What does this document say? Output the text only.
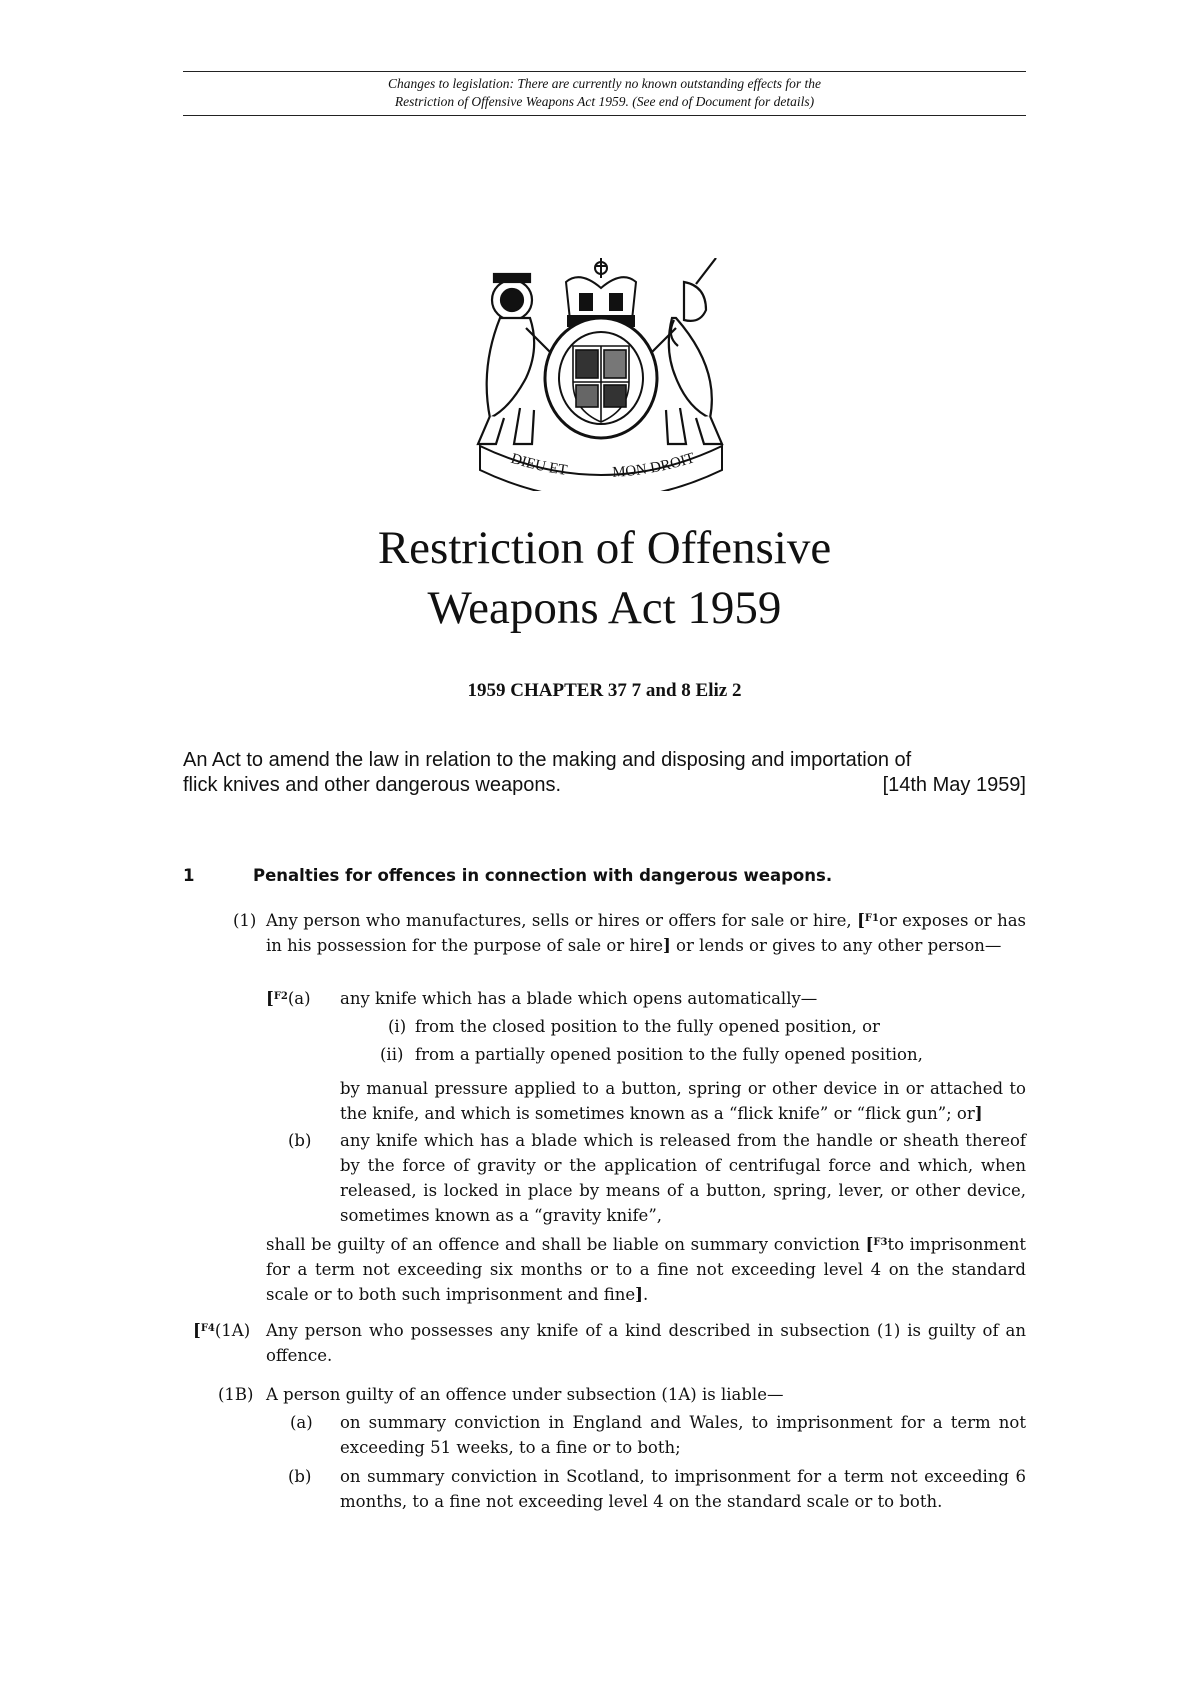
Changes to legislation: There are currently no known outstanding effects for the
Restriction of Offensive Weapons Act 1959. (See end of Document for details)
DIEU ET	MON DROIT
Restriction of Offensive
Weapons Act 1959
1959 CHAPTER 37 7 and 8 Eliz 2
An Act to amend the law in relation to the making and disposing and importation of
flick knives and other dangerous weapons.	[14th May 1959]
1	Penalties for offences in connection with dangerous weapons.
(1) Any person who manufactures, sells or hires or offers for sale or hire, [$^{F1}$or exposes or has in his possession for the purpose of sale or hire] or lends or gives to any other person—
[$^{F2}$(a) any knife which has a blade which opens automatically—
(i) from the closed position to the fully opened position, or
(ii) from a partially opened position to the fully opened position,
by manual pressure applied to a button, spring or other device in or attached to the knife, and which is sometimes known as a “flick knife” or “flick gun”; or]
(b) any knife which has a blade which is released from the handle or sheath thereof by the force of gravity or the application of centrifugal force and which, when released, is locked in place by means of a button, spring, lever, or other device, sometimes known as a “gravity knife”,
shall be guilty of an offence and shall be liable on summary conviction [$^{F3}$to imprisonment for a term not exceeding six months or to a fine not exceeding level 4 on the standard scale or to both such imprisonment and fine].
[$^{F4}$(1A) Any person who possesses any knife of a kind described in subsection (1) is guilty of an offence.
(1B) A person guilty of an offence under subsection (1A) is liable—
(a) on summary conviction in England and Wales, to imprisonment for a term not exceeding 51 weeks, to a fine or to both;
(b) on summary conviction in Scotland, to imprisonment for a term not exceeding 6 months, to a fine not exceeding level 4 on the standard scale or to both.
